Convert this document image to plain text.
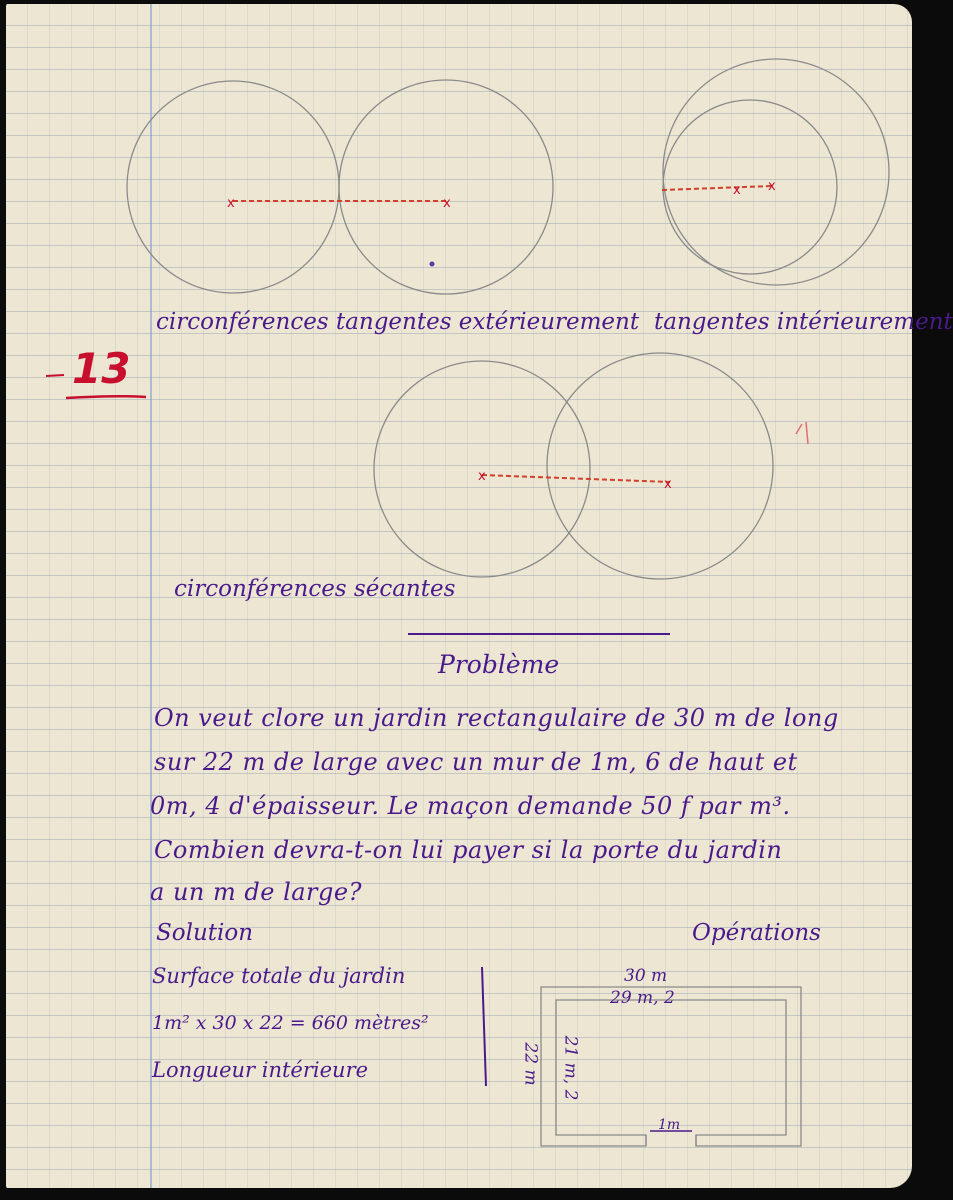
x	x
x x
x
x
13
circonférences tangentes extérieurement tangentes intérieurement
circonférences sécantes
Problème
On veut clore un jardin rectangulaire de 30 m de long
sur 22 m de large avec un mur de 1m, 6 de haut et
0m, 4 d'épaisseur. Le maçon demande 50 f par m³.
Combien devra-t-on lui payer si la porte du jardin
a un m de large?
Solution	Opérations
Surface totale du jardin
1m² x 30 x 22 = 660 mètres²
Longueur intérieure
30 m
29 m, 2
22 m 21 m, 2
1m
